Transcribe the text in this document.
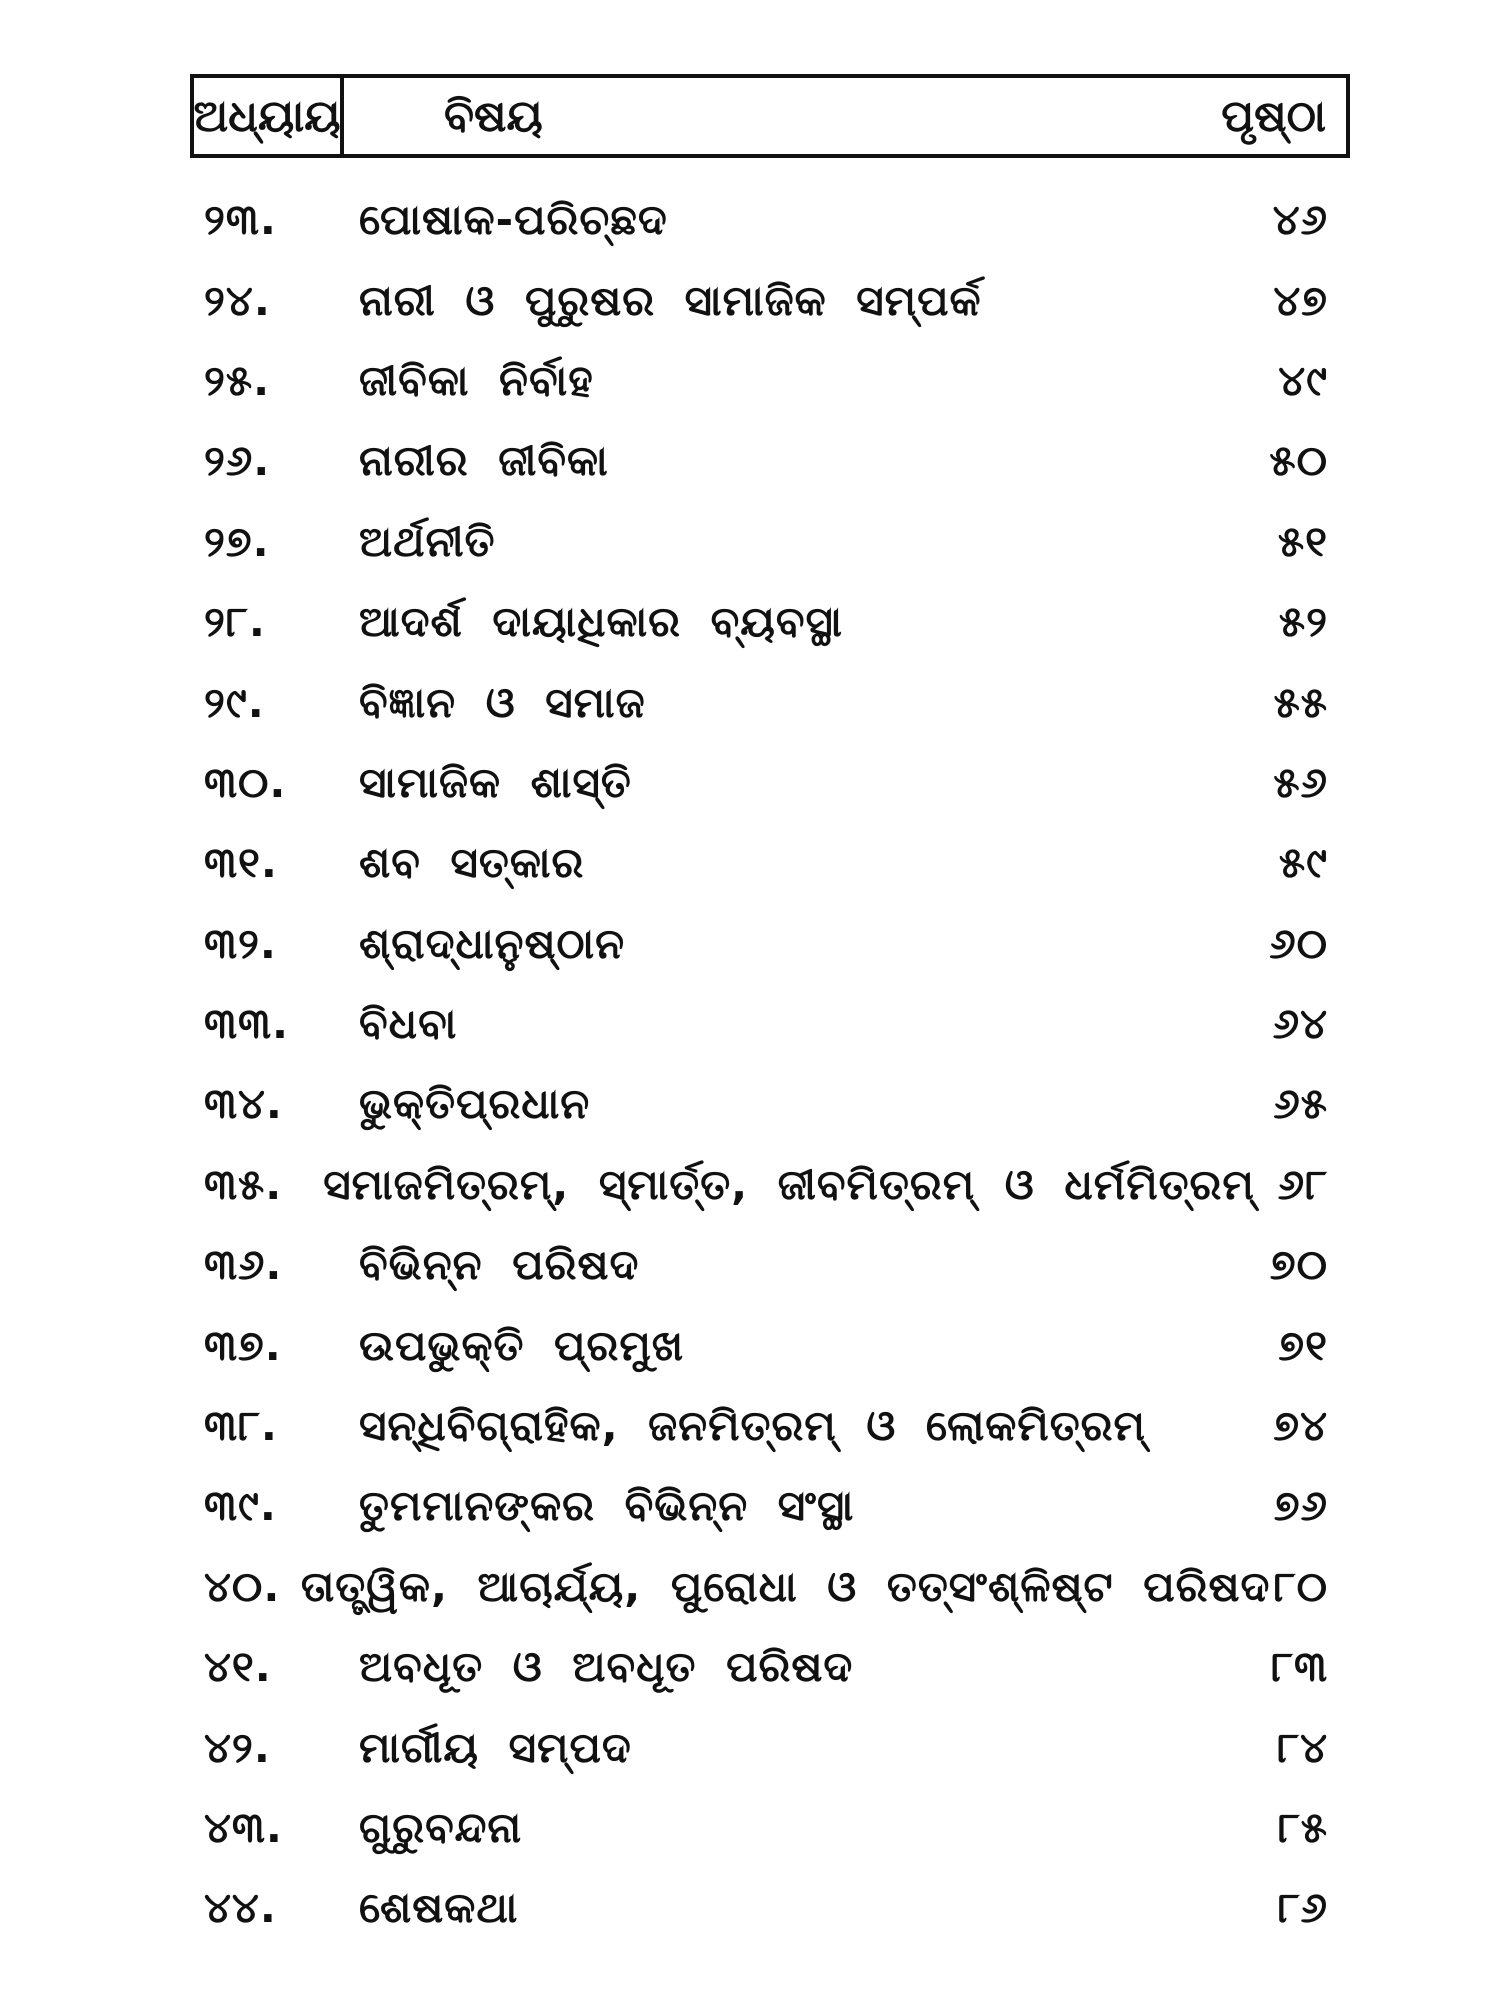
ଅଧ୍ୟାୟ	ବିଷୟ	ପୃଷ୍ଠା
୨୩.	ପୋଷାକ-ପରିଚ୍ଛଦ	୪୬
୨୪.	ନାରୀ ଓ ପୁରୁଷର ସାମାଜିକ ସମ୍ପର୍କ	୪୭
୨୫.	ଜୀବିକା ନିର୍ବାହ	୪୯
୨୬.	ନାରୀର ଜୀବିକା	୫୦
୨୭.	ଅର୍ଥନୀତି	୫୧
୨୮.	ଆଦର୍ଶ ଦାୟାଧିକାର ବ୍ୟବସ୍ଥା	୫୨
୨୯.	ବିଜ୍ଞାନ ଓ ସମାଜ	୫୫
୩୦.	ସାମାଜିକ ଶାସ୍ତି	୫୬
୩୧.	ଶବ ସତ୍କାର	୫୯
୩୨.	ଶ୍ରାଦ୍ଧାନୁଷ୍ଠାନ	୬୦
୩୩.	ବିଧବା	୬୪
୩୪.	ଭୁକ୍ତିପ୍ରଧାନ	୬୫
୩୫. ସମାଜମିତ୍ରମ୍, ସ୍ମାର୍ତ୍ତ, ଜୀବମିତ୍ରମ୍ ଓ ଧର୍ମମିତ୍ରମ୍ ୬୮
୩୬.	ବିଭିନ୍ନ ପରିଷଦ	୭୦
୩୭.	ଉପଭୁକ୍ତି ପ୍ରମୁଖ	୭୧
୩୮.	ସନ୍ଧିବିଗ୍ରାହିକ, ଜନମିତ୍ରମ୍ ଓ ଲୋକମିତ୍ରମ୍	୭୪
୩୯.	ତୁମମାନଙ୍କର ବିଭିନ୍ନ ସଂସ୍ଥା	୭୬
୪୦. ତାତ୍ତ୍ୱିକ, ଆଚାର୍ଯ୍ୟ, ପୁରୋଧା ଓ ତତ୍ସଂଶ୍ଳିଷ୍ଟ ପରିଷଦ ୮୦
୪୧.	ଅବଧୂତ ଓ ଅବଧୂତ ପରିଷଦ	୮୩
୪୨.	ମାର୍ଗୀୟ ସମ୍ପଦ	୮୪
୪୩.	ଗୁରୁବନ୍ଦନା	୮୫
୪୪.	ଶେଷକଥା	୮୬
